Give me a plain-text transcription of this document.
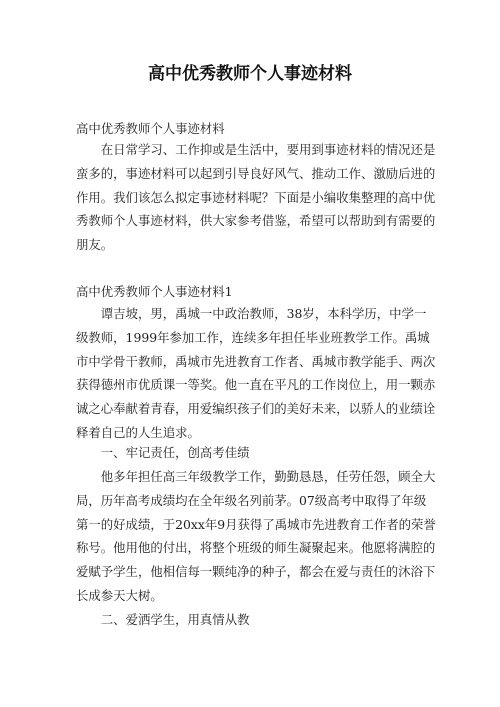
高中优秀教师个人事迹材料

高中优秀教师个人事迹材料

在日常学习、工作抑或是生活中，要用到事迹材料的情况还是蛮多的，事迹材料可以起到引导良好风气、推动工作、激励后进的作用。我们该怎么拟定事迹材料呢？下面是小编收集整理的高中优秀教师个人事迹材料，供大家参考借鉴，希望可以帮助到有需要的朋友。

高中优秀教师个人事迹材料1

谭吉坡，男，禹城一中政治教师，38岁，本科学历，中学一级教师，1999年参加工作，连续多年担任毕业班教学工作。禹城市中学骨干教师，禹城市先进教育工作者、禹城市教学能手、两次获得德州市优质课一等奖。他一直在平凡的工作岗位上，用一颗赤诚之心奉献着青春，用爱编织孩子们的美好未来，以骄人的业绩诠释着自己的人生追求。

一、牢记责任，创高考佳绩

他多年担任高三年级教学工作，勤勤恳恳，任劳任怨，顾全大局，历年高考成绩均在全年级名列前茅。07级高考中取得了年级第一的好成绩，于20xx年9月获得了禹城市先进教育工作者的荣誉称号。他用他的付出，将整个班级的师生凝聚起来。他愿将满腔的爱赋予学生，他相信每一颗纯净的种子，都会在爱与责任的沐浴下长成参天大树。

二、爱洒学生，用真情从教
